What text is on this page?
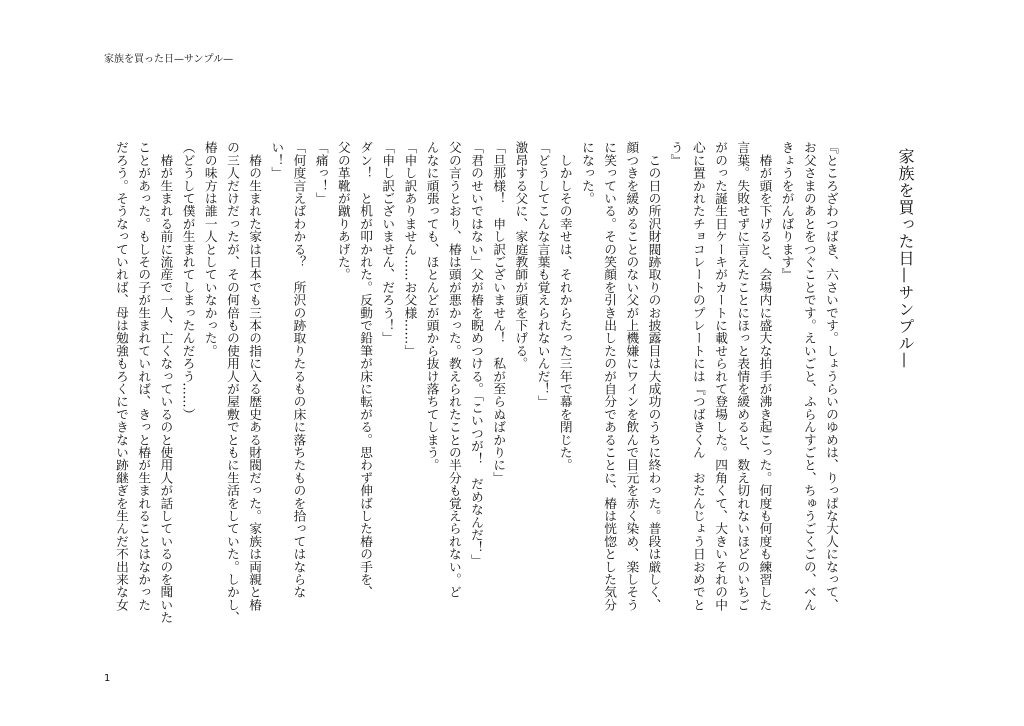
家族を買った日—サンプル—
家族を買った日—サンプル—
『ところざわつばき、六さいです。しょうらいのゆめは、りっぱな大人になって、
お父さまのあとをつぐことです。えいごと、ふらんすごと、ちゅうごくごの、べん
きょうをがんばります』
　椿が頭を下げると、会場内に盛大な拍手が沸き起こった。何度も何度も練習した
言葉。失敗せずに言えたことにほっと表情を緩めると、数え切れないほどのいちご
がのった誕生日ケーキがカートに載せられて登場した。四角くて、大きいそれの中
心に置かれたチョコレートのプレートには『つばきくん　おたんじょう日おめでと
う』
　この日の所沢財閥跡取りのお披露目は大成功のうちに終わった。普段は厳しく、
顔つきを緩めることのない父が上機嫌にワインを飲んで目元を赤く染め、楽しそう
に笑っている。その笑顔を引き出したのが自分であることに、椿は恍惚とした気分
になった。
　しかしその幸せは、それからたった三年で幕を閉じた。
「どうしてこんな言葉も覚えられないんだ！」
激昂する父に、家庭教師が頭を下げる。
「旦那様！　申し訳ございません！　私が至らぬばかりに」
「君のせいではない」父が椿を睨めつける。「こいつが！　だめなんだ！」
父の言うとおり、椿は頭が悪かった。教えられたことの半分も覚えられない。ど
んなに頑張っても、ほとんどが頭から抜け落ちてしまう。
「申し訳ありません……お父様……」
「申し訳ございません、だろう！」
ダン！　と机が叩かれた。反動で鉛筆が床に転がる。思わず伸ばした椿の手を、
父の革靴が蹴りあげた。
「痛っ！」
「何度言えばわかる？　所沢の跡取りたるもの床に落ちたものを拾ってはならな
い！」
　椿の生まれた家は日本でも三本の指に入る歴史ある財閥だった。家族は両親と椿
の三人だけだったが、その何倍もの使用人が屋敷でともに生活をしていた。しかし、
椿の味方は誰一人としていなかった。
（どうして僕が生まれてしまったんだろう……）
　椿が生まれる前に流産で一人、亡くなっているのと使用人が話しているのを聞いた
ことがあった。もしその子が生まれていれば、きっと椿が生まれることはなかった
だろう。そうなっていれば、母は勉強もろくにできない跡継ぎを生んだ不出来な女
1
